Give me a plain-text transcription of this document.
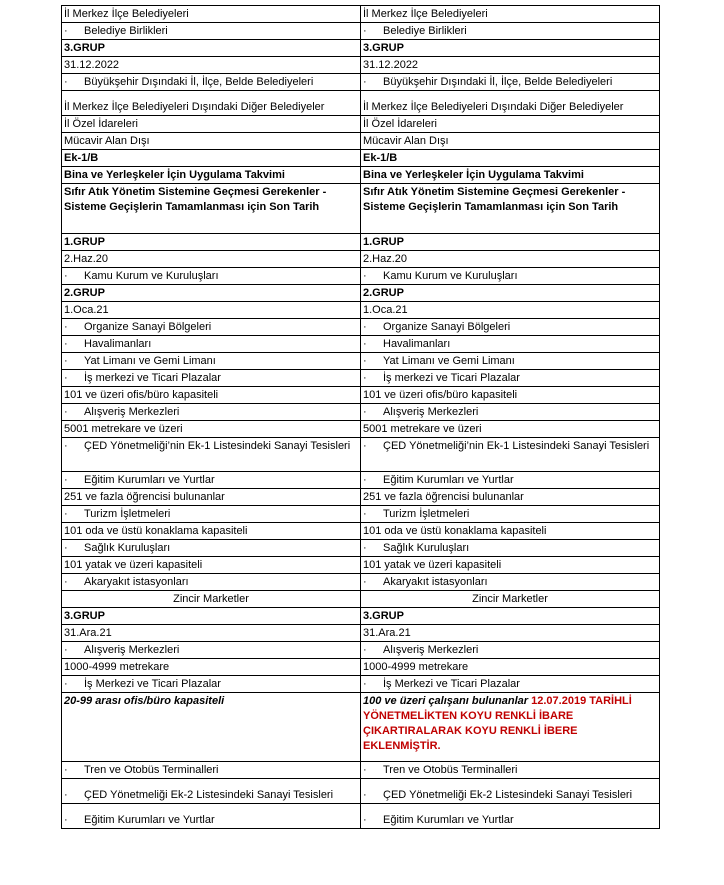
İl Merkez İlçe Belediyeleri	İl Merkez İlçe Belediyeleri
· Belediye Birlikleri	· Belediye Birlikleri
3.GRUP	3.GRUP
31.12.2022	31.12.2022
· Büyükşehir Dışındaki İl, İlçe, Belde Belediyeleri	· Büyükşehir Dışındaki İl, İlçe, Belde Belediyeleri
İl Merkez İlçe Belediyeleri Dışındaki Diğer Belediyeler	İl Merkez İlçe Belediyeleri Dışındaki Diğer Belediyeler
İl Özel İdareleri	İl Özel İdareleri
Mücavir Alan Dışı	Mücavir Alan Dışı
Ek-1/B	Ek-1/B
Bina ve Yerleşkeler İçin Uygulama Takvimi	Bina ve Yerleşkeler İçin Uygulama Takvimi
Sıfır Atık Yönetim Sistemine Geçmesi Gerekenler - Sisteme Geçişlerin Tamamlanması için Son Tarih	Sıfır Atık Yönetim Sistemine Geçmesi Gerekenler - Sisteme Geçişlerin Tamamlanması için Son Tarih
1.GRUP	1.GRUP
2.Haz.20	2.Haz.20
· Kamu Kurum ve Kuruluşları	· Kamu Kurum ve Kuruluşları
2.GRUP	2.GRUP
1.Oca.21	1.Oca.21
· Organize Sanayi Bölgeleri	· Organize Sanayi Bölgeleri
· Havalimanları	· Havalimanları
· Yat Limanı ve Gemi Limanı	· Yat Limanı ve Gemi Limanı
· İş merkezi ve Ticari Plazalar	· İş merkezi ve Ticari Plazalar
101 ve üzeri ofis/büro kapasiteli	101 ve üzeri ofis/büro kapasiteli
· Alışveriş Merkezleri	· Alışveriş Merkezleri
5001 metrekare ve üzeri	5001 metrekare ve üzeri
· ÇED Yönetmeliği’nin Ek-1 Listesindeki Sanayi Tesisleri	· ÇED Yönetmeliği’nin Ek-1 Listesindeki Sanayi Tesisleri
· Eğitim Kurumları ve Yurtlar	· Eğitim Kurumları ve Yurtlar
251 ve fazla öğrencisi bulunanlar	251 ve fazla öğrencisi bulunanlar
· Turizm İşletmeleri	· Turizm İşletmeleri
101 oda ve üstü konaklama kapasiteli	101 oda ve üstü konaklama kapasiteli
· Sağlık Kuruluşları	· Sağlık Kuruluşları
101 yatak ve üzeri kapasiteli	101 yatak ve üzeri kapasiteli
· Akaryakıt istasyonları	· Akaryakıt istasyonları
Zincir Marketler	Zincir Marketler
3.GRUP	3.GRUP
31.Ara.21	31.Ara.21
· Alışveriş Merkezleri	· Alışveriş Merkezleri
1000-4999 metrekare	1000-4999 metrekare
· İş Merkezi ve Ticari Plazalar	· İş Merkezi ve Ticari Plazalar
20-99 arası ofis/büro kapasiteli	100 ve üzeri çalışanı bulunanlar 12.07.2019 TARİHLİ YÖNETMELİKTEN KOYU RENKLİ İBARE ÇIKARTIRALARAK KOYU RENKLİ İBERE EKLENMİŞTİR.
· Tren ve Otobüs Terminalleri	· Tren ve Otobüs Terminalleri
· ÇED Yönetmeliği Ek-2 Listesindeki Sanayi Tesisleri	· ÇED Yönetmeliği Ek-2 Listesindeki Sanayi Tesisleri
· Eğitim Kurumları ve Yurtlar	· Eğitim Kurumları ve Yurtlar
